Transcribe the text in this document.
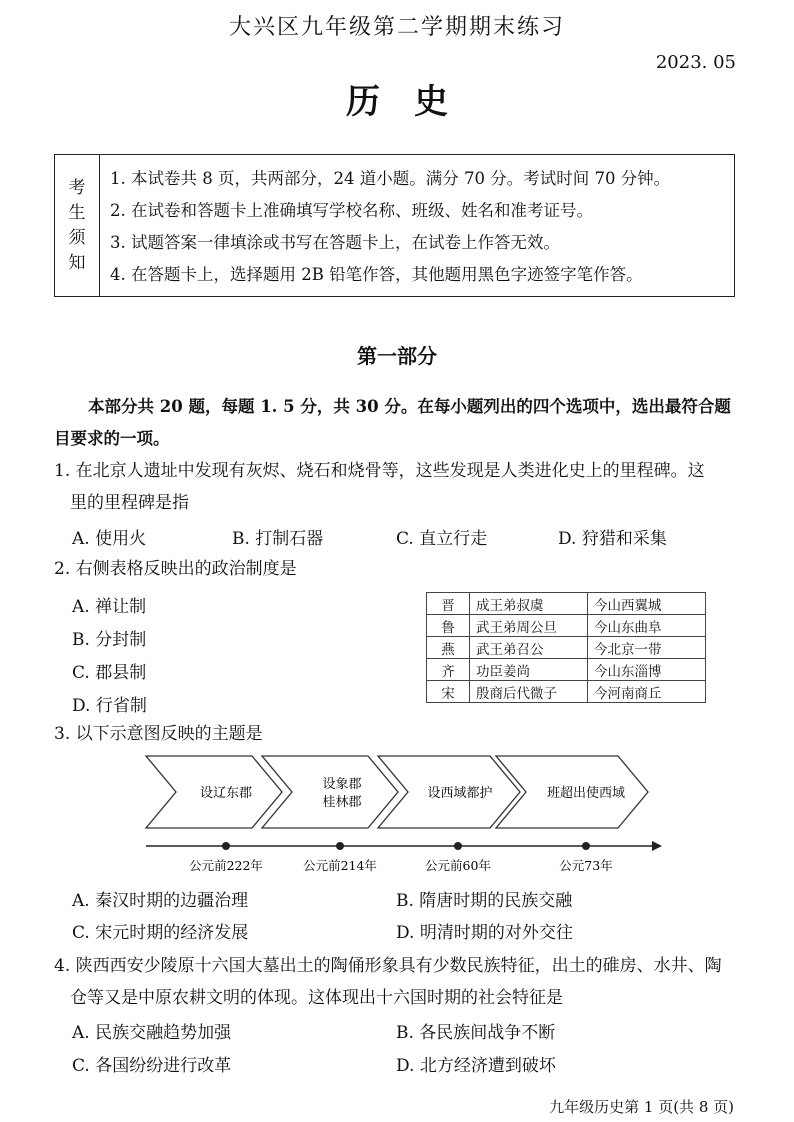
大兴区九年级第二学期期末练习
2023. 05
历史
考
生
须
知
1. 本试卷共 8 页，共两部分，24 道小题。满分 70 分。考试时间 70 分钟。
2. 在试卷和答题卡上准确填写学校名称、班级、姓名和准考证号。
3. 试题答案一律填涂或书写在答题卡上，在试卷上作答无效。
4. 在答题卡上，选择题用 2B 铅笔作答，其他题用黑色字迹签字笔作答。
第一部分
本部分共 20 题，每题 1. 5 分，共 30 分。在每小题列出的四个选项中，选出最符合题目要求的一项。
1. 在北京人遗址中发现有灰烬、烧石和烧骨等，这些发现是人类进化史上的里程碑。这
里的里程碑是指
A. 使用火	B. 打制石器	C. 直立行走	D. 狩猎和采集
2. 右侧表格反映出的政治制度是
A. 禅让制
B. 分封制
C. 郡县制
D. 行省制
晋	成王弟叔虞	今山西翼城
鲁	武王弟周公旦	今山东曲阜
燕	武王弟召公	今北京一带
齐	功臣姜尚	今山东淄博
宋	殷商后代微子	今河南商丘
3. 以下示意图反映的主题是
设辽东郡
设象郡
桂林郡
设西域都护	班超出使西域
公元前222年	公元前214年	公元前60年	公元73年
A. 秦汉时期的边疆治理	B. 隋唐时期的民族交融
C. 宋元时期的经济发展	D. 明清时期的对外交往
4. 陕西西安少陵原十六国大墓出土的陶俑形象具有少数民族特征，出土的碓房、水井、陶
仓等又是中原农耕文明的体现。这体现出十六国时期的社会特征是
A. 民族交融趋势加强	B. 各民族间战争不断
C. 各国纷纷进行改革	D. 北方经济遭到破坏
九年级历史第 1 页(共 8 页)
